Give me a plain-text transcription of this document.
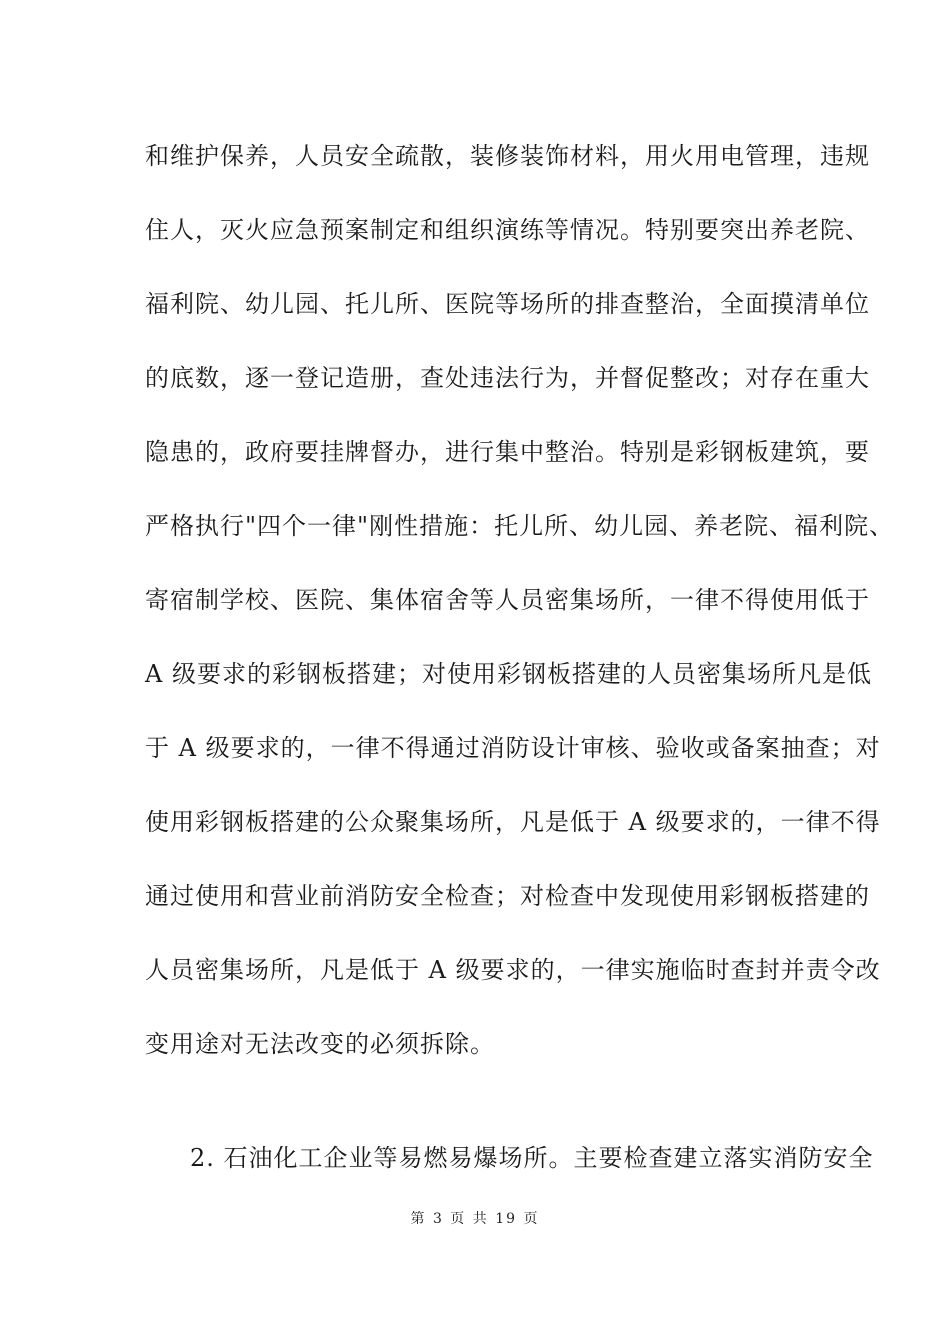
和维护保养，人员安全疏散，装修装饰材料，用火用电管理，违规
住人，灭火应急预案制定和组织演练等情况。特别要突出养老院、
福利院、幼儿园、托儿所、医院等场所的排查整治，全面摸清单位
的底数，逐一登记造册，查处违法行为，并督促整改；对存在重大
隐患的，政府要挂牌督办，进行集中整治。特别是彩钢板建筑，要
严格执行"四个一律"刚性措施：托儿所、幼儿园、养老院、福利院、
寄宿制学校、医院、集体宿舍等人员密集场所，一律不得使用低于
A 级要求的彩钢板搭建；对使用彩钢板搭建的人员密集场所凡是低
于 A 级要求的，一律不得通过消防设计审核、验收或备案抽查；对
使用彩钢板搭建的公众聚集场所，凡是低于 A 级要求的，一律不得
通过使用和营业前消防安全检查；对检查中发现使用彩钢板搭建的
人员密集场所，凡是低于 A 级要求的，一律实施临时查封并责令改
变用途对无法改变的必须拆除。
2. 石油化工企业等易燃易爆场所。主要检查建立落实消防安全
第 3 页 共 19 页
